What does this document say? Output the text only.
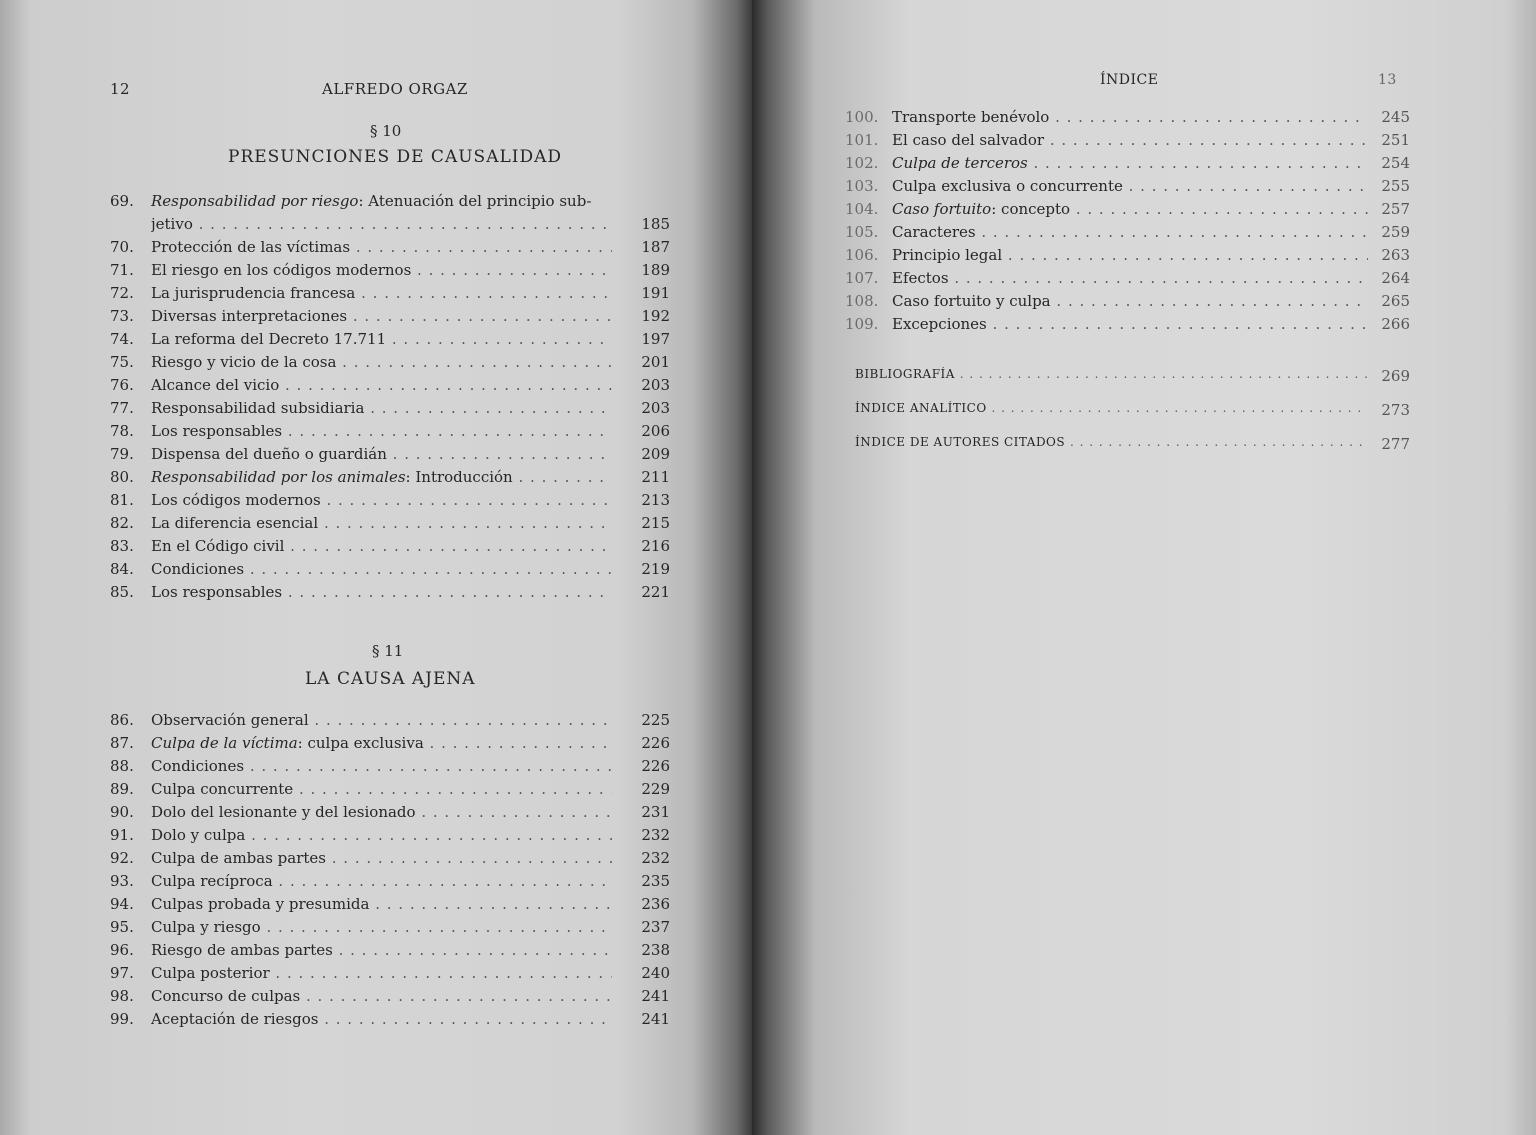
12	ALFREDO ORGAZ
§ 10
PRESUNCIONES DE CAUSALIDAD
69.	Responsabilidad por riesgo: Atenuación del principio sub-
jetivo . . .	185
70.	Protección de las víctimas . . .	187
71.	El riesgo en los códigos modernos . . .	189
72.	La jurisprudencia francesa . . .	191
73.	Diversas interpretaciones . . .	192
74.	La reforma del Decreto 17.711 . . .	197
75.	Riesgo y vicio de la cosa . . .	201
76.	Alcance del vicio . . .	203
77.	Responsabilidad subsidiaria . . .	203
78.	Los responsables . . .	206
79.	Dispensa del dueño o guardián . . .	209
80.	Responsabilidad por los animales: Introducción . . .	211
81.	Los códigos modernos . . .	213
82.	La diferencia esencial . . .	215
83.	En el Código civil . . .	216
84.	Condiciones . . .	219
85.	Los responsables . . .	221
§ 11
LA CAUSA AJENA
86.	Observación general . . .	225
87.	Culpa de la víctima: culpa exclusiva . . .	226
88.	Condiciones . . .	226
89.	Culpa concurrente . . .	229
90.	Dolo del lesionante y del lesionado . . .	231
91.	Dolo y culpa . . .	232
92.	Culpa de ambas partes . . .	232
93.	Culpa recíproca . . .	235
94.	Culpas probada y presumida . . .	236
95.	Culpa y riesgo . . .	237
96.	Riesgo de ambas partes . . .	238
97.	Culpa posterior . . .	240
98.	Concurso de culpas . . .	241
99.	Aceptación de riesgos . . .	241
ÍNDICE	13
100. Transporte benévolo . . .	245
101. El caso del salvador . . .	251
102. Culpa de terceros . . .	254
103. Culpa exclusiva o concurrente . . .	255
104. Caso fortuito: concepto . . .	257
105. Caracteres . . .	259
106. Principio legal . . .	263
107. Efectos . . .	264
108. Caso fortuito y culpa . . .	265
109. Excepciones . . .	266
BIBLIOGRAFÍA . . .	269
ÍNDICE ANALÍTICO . . .	273
ÍNDICE DE AUTORES CITADOS . . .	277
